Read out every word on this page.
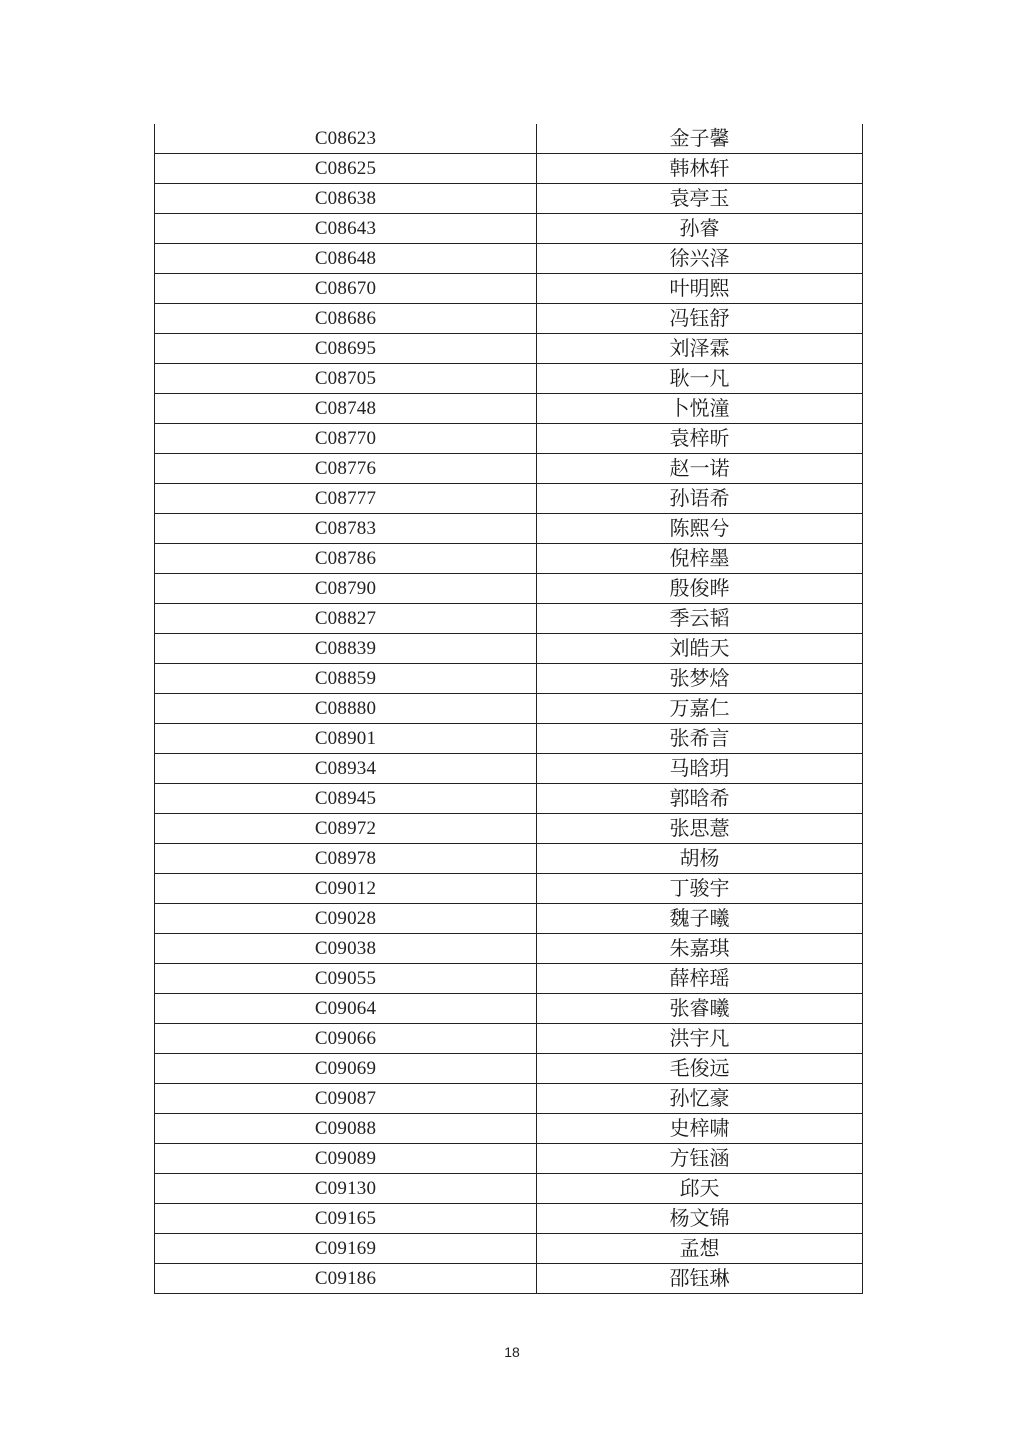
C08623	金子馨
C08625	韩林轩
C08638	袁亭玉
C08643	孙睿
C08648	徐兴泽
C08670	叶明熙
C08686	冯钰舒
C08695	刘泽霖
C08705	耿一凡
C08748	卜悦潼
C08770	袁梓昕
C08776	赵一诺
C08777	孙语希
C08783	陈熙兮
C08786	倪梓墨
C08790	殷俊晔
C08827	季云韬
C08839	刘皓天
C08859	张梦焓
C08880	万嘉仁
C08901	张希言
C08934	马晗玥
C08945	郭晗希
C08972	张思薏
C08978	胡杨
C09012	丁骏宇
C09028	魏子曦
C09038	朱嘉琪
C09055	薛梓瑶
C09064	张睿曦
C09066	洪宇凡
C09069	毛俊远
C09087	孙忆豪
C09088	史梓啸
C09089	方钰涵
C09130	邱天
C09165	杨文锦
C09169	孟想
C09186	邵钰琳
18
